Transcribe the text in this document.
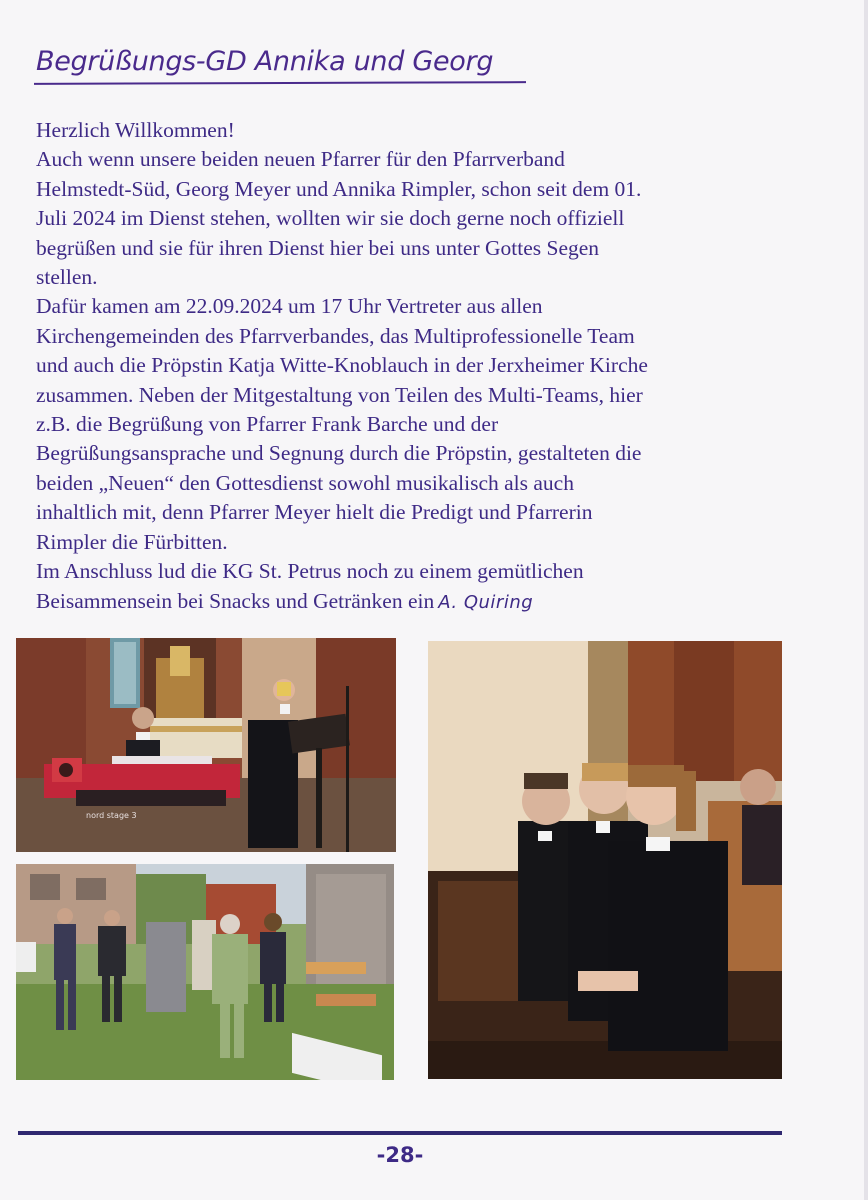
Begrüßungs-GD Annika und Georg

Herzlich Willkommen!

Auch wenn unsere beiden neuen Pfarrer für den Pfarrverband

Helmstedt-Süd, Georg Meyer und Annika Rimpler, schon seit dem 01.

Juli 2024 im Dienst stehen, wollten wir sie doch gerne noch offiziell

begrüßen und sie für ihren Dienst hier bei uns unter Gottes Segen

stellen.

Dafür kamen am 22.09.2024 um 17 Uhr Vertreter aus allen

Kirchengemeinden des Pfarrverbandes, das Multiprofessionelle Team

und auch die Pröpstin Katja Witte-Knoblauch in der Jerxheimer Kirche

zusammen. Neben der Mitgestaltung von Teilen des Multi-Teams, hier

z.B. die Begrüßung von Pfarrer Frank Barche und der

Begrüßungsansprache und Segnung durch die Pröpstin, gestalteten die

beiden „Neuen“ den Gottesdienst sowohl musikalisch als auch

inhaltlich mit, denn Pfarrer Meyer hielt die Predigt und Pfarrerin

Rimpler die Fürbitten.

Im Anschluss lud die KG St. Petrus noch zu einem gemütlichen

Beisammensein bei Snacks und Getränken ein A. Quiring

nord stage 3
-28-
